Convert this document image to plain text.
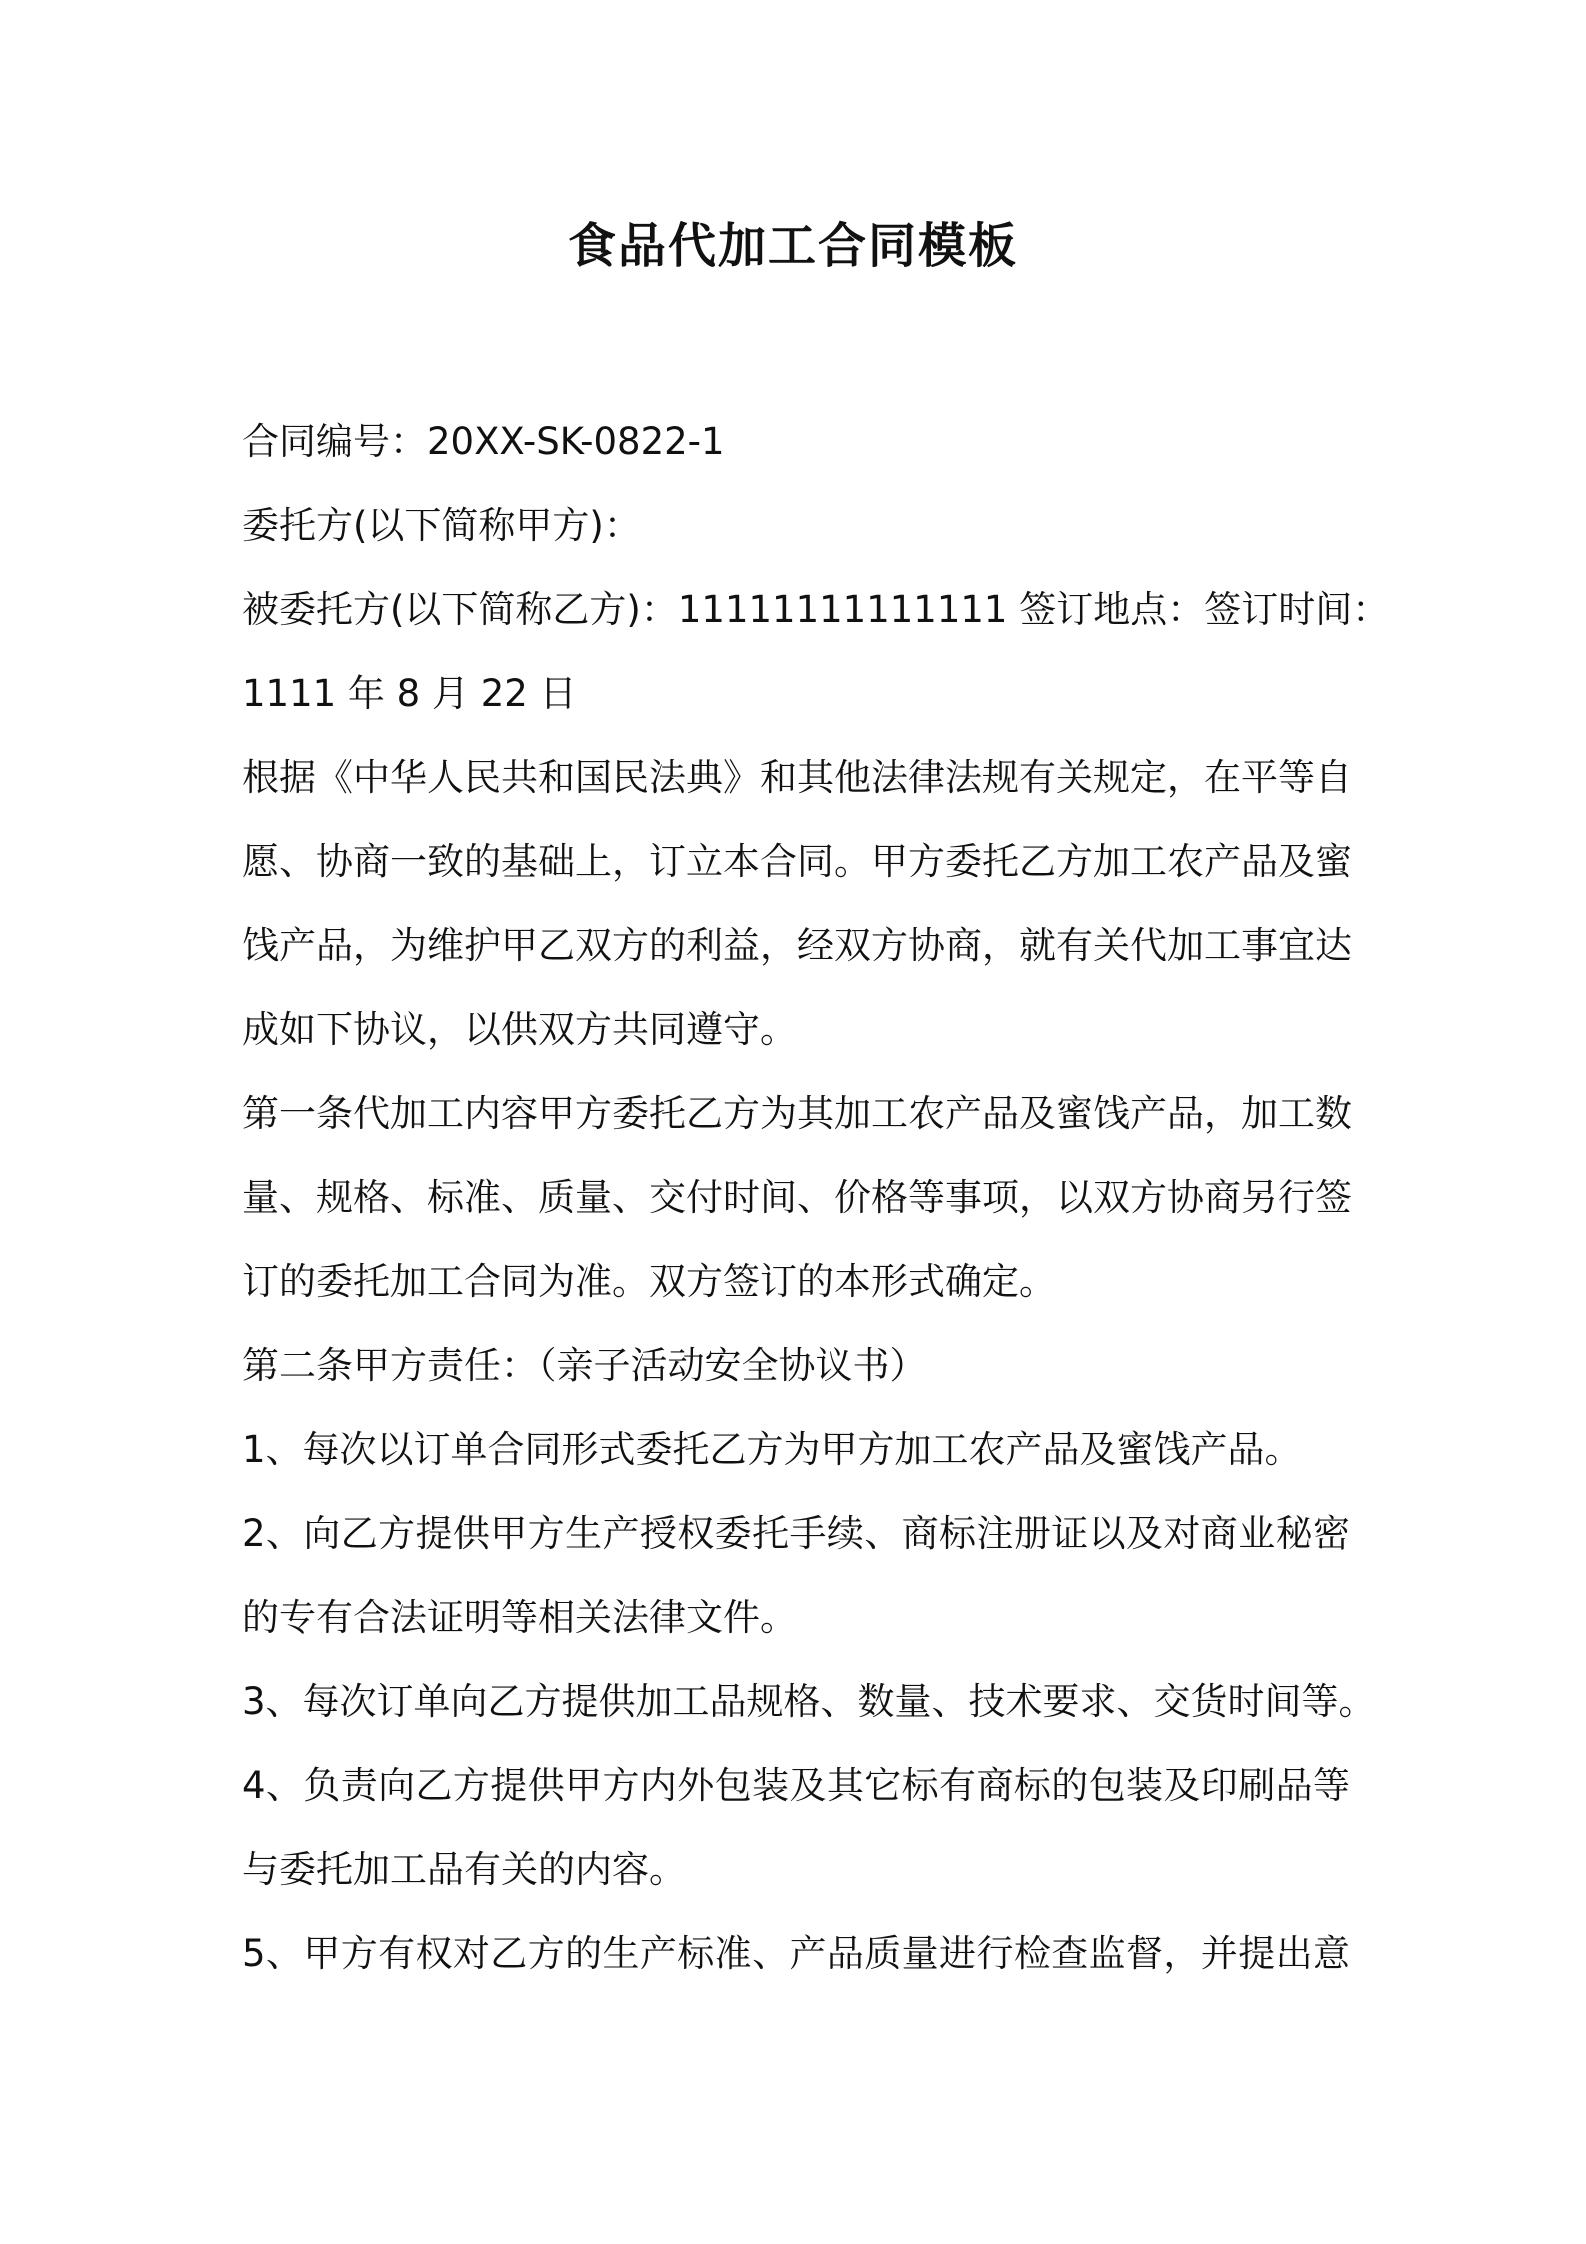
食品代加工合同模板

合同编号：20XX-SK-0822-1

委托方(以下简称甲方)：

被委托方(以下简称乙方)：11111111111111 签订地点：签订时间：

1111 年 8 月 22 日

根据《中华人民共和国民法典》和其他法律法规有关规定，在平等自

愿、协商一致的基础上，订立本合同。甲方委托乙方加工农产品及蜜

饯产品，为维护甲乙双方的利益，经双方协商，就有关代加工事宜达

成如下协议，以供双方共同遵守。

第一条代加工内容甲方委托乙方为其加工农产品及蜜饯产品，加工数

量、规格、标准、质量、交付时间、价格等事项，以双方协商另行签

订的委托加工合同为准。双方签订的本形式确定。

第二条甲方责任：（亲子活动安全协议书）

1、每次以订单合同形式委托乙方为甲方加工农产品及蜜饯产品。

2、向乙方提供甲方生产授权委托手续、商标注册证以及对商业秘密

的专有合法证明等相关法律文件。

3、每次订单向乙方提供加工品规格、数量、技术要求、交货时间等。

4、负责向乙方提供甲方内外包装及其它标有商标的包装及印刷品等

与委托加工品有关的内容。

5、甲方有权对乙方的生产标准、产品质量进行检查监督，并提出意
